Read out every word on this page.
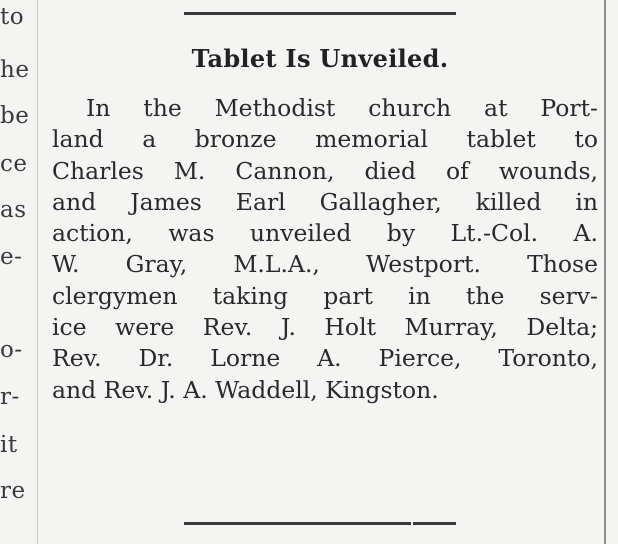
to
he
be
ce
as
e-
o-
r-
it
re
Tablet Is Unveiled.
In the Methodist church at Port-
land a bronze memorial tablet to
Charles M. Cannon, died of wounds,
and James Earl Gallagher, killed in
action, was unveiled by Lt.-Col. A.
W. Gray, M.L.A., Westport. Those
clergymen taking part in the serv-
ice were Rev. J. Holt Murray, Delta;
Rev. Dr. Lorne A. Pierce, Toronto,
and Rev. J. A. Waddell, Kingston.
